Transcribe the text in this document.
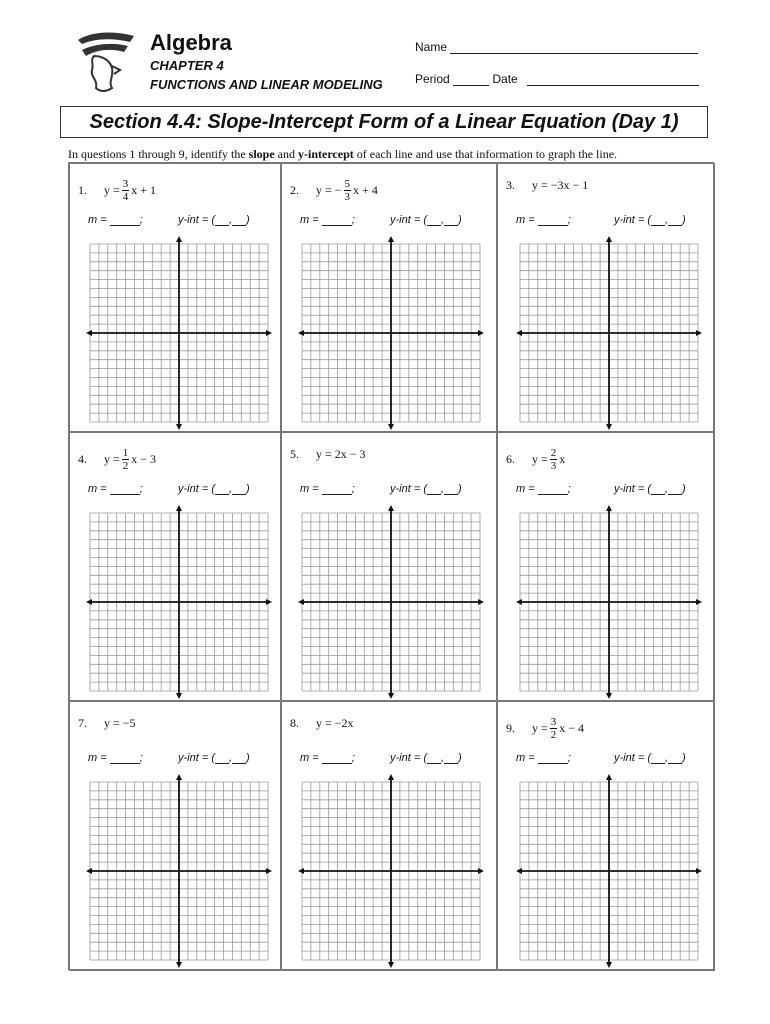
Algebra
CHAPTER 4
FUNCTIONS AND LINEAR MODELING
Name
Period	Date
Section 4.4: Slope-Intercept Form of a Linear Equation (Day 1)
In questions 1 through 9, identify the slope and y-intercept of each line and use that information to graph the line.
1.	$y = \frac{3}{4}$ x + 1
m =	;	y-int = ( , )
2.	y = − $\frac{5}{3}$ x + 4
m =	;	y-int = ( , )
3.	y = −3x − 1
m =	;	y-int = ( , )
4.	$y = \frac{1}{2}$ x − 3
m =	;	y-int = ( , )
5.	y = 2x − 3
m =	;	y-int = ( , )
6.	$y = \frac{2}{3}$ x
m =	;	y-int = ( , )
7.	y = −5
m =	;	y-int = ( , )
8.	y = −2x
m =	;	y-int = ( , )
9.	$y = \frac{3}{2}$ x − 4
m =	;	y-int = ( , )
